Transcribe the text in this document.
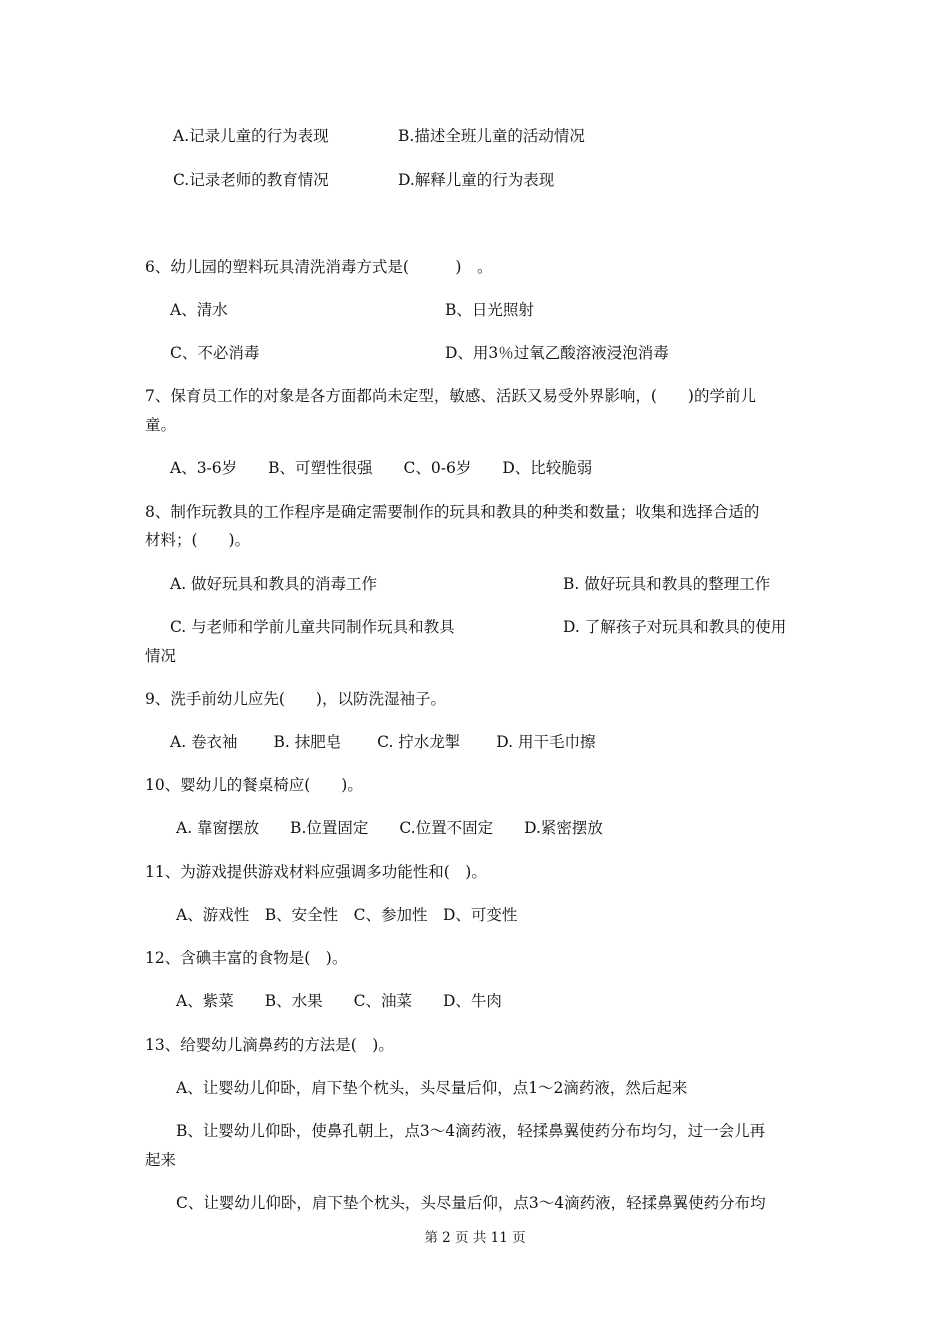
A.记录儿童的行为表现	B.描述全班儿童的活动情况
C.记录老师的教育情况	D.解释儿童的行为表现
6、幼儿园的塑料玩具清洗消毒方式是(　　　)　。
A、清水	B、日光照射
C、不必消毒	D、用3％过氧乙酸溶液浸泡消毒
7、保育员工作的对象是各方面都尚未定型，敏感、活跃又易受外界影响，(　　)的学前儿
童。
A、3-6岁　　B、可塑性很强　　C、0-6岁　　D、比较脆弱
8、制作玩教具的工作程序是确定需要制作的玩具和教具的种类和数量；收集和选择合适的
材料；(　　)。
A. 做好玩具和教具的消毒工作	B. 做好玩具和教具的整理工作
C. 与老师和学前儿童共同制作玩具和教具	D. 了解孩子对玩具和教具的使用
情况
9、洗手前幼儿应先(　　)，以防洗湿袖子。
A. 卷衣袖　　 B. 抹肥皂　　 C. 拧水龙掣　　 D. 用干毛巾擦
10、婴幼儿的餐桌椅应(　　)。
A. 靠窗摆放　　B.位置固定　　C.位置不固定　　D.紧密摆放
11、为游戏提供游戏材料应强调多功能性和(　)。
A、游戏性　B、安全性　C、参加性　D、可变性
12、含碘丰富的食物是(　)。
A、紫菜　　B、水果　　C、油菜　　D、牛肉
13、给婴幼儿滴鼻药的方法是(　)。
A、让婴幼儿仰卧，肩下垫个枕头，头尽量后仰，点1～2滴药液，然后起来
B、让婴幼儿仰卧，使鼻孔朝上，点3～4滴药液，轻揉鼻翼使药分布均匀，过一会儿再
起来
C、让婴幼儿仰卧，肩下垫个枕头，头尽量后仰，点3～4滴药液，轻揉鼻翼使药分布均
第 2 页 共 11 页
